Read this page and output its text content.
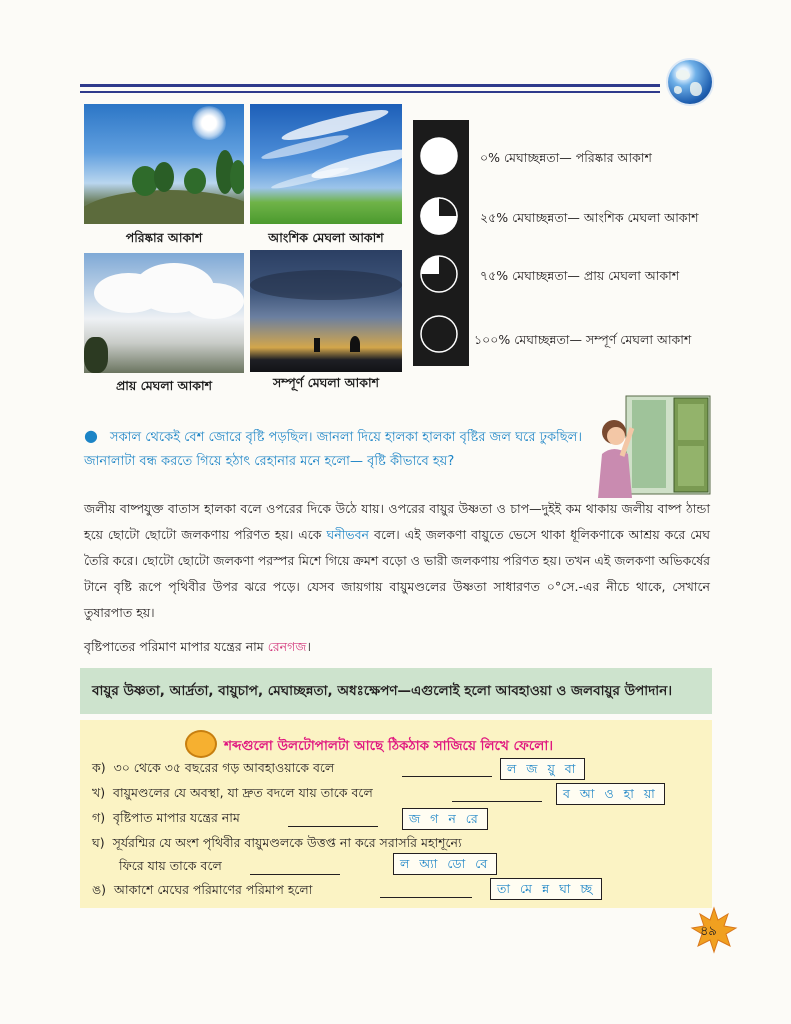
পরিষ্কার আকাশ	আংশিক মেঘলা আকাশ
প্রায় মেঘলা আকাশ	সম্পূর্ণ মেঘলা আকাশ
০% মেঘাচ্ছন্নতা— পরিষ্কার আকাশ
২৫% মেঘাচ্ছন্নতা— আংশিক মেঘলা আকাশ
৭৫% মেঘাচ্ছন্নতা— প্রায় মেঘলা আকাশ
১০০% মেঘাচ্ছন্নতা— সম্পূর্ণ মেঘলা আকাশ
● সকাল থেকেই বেশ জোরে বৃষ্টি পড়ছিল। জানলা দিয়ে হালকা হালকা বৃষ্টির জল ঘরে ঢুকছিল। জানালাটা বন্ধ করতে গিয়ে হঠাৎ রেহানার মনে হলো— বৃষ্টি কীভাবে হয়?
জলীয় বাষ্পযুক্ত বাতাস হালকা বলে ওপরের দিকে উঠে যায়। ওপরের বায়ুর উষ্ণতা ও চাপ—দুইই কম থাকায় জলীয় বাষ্প ঠান্ডা হয়ে ছোটো ছোটো জলকণায় পরিণত হয়। একে ঘনীভবন বলে। এই জলকণা বায়ুতে ভেসে থাকা ধূলিকণাকে আশ্রয় করে মেঘ তৈরি করে। ছোটো ছোটো জলকণা পরস্পর মিশে গিয়ে ক্রমশ বড়ো ও ভারী জলকণায় পরিণত হয়। তখন এই জলকণা অভিকর্ষের টানে বৃষ্টি রূপে পৃথিবীর উপর ঝরে পড়ে। যেসব জায়গায় বায়ুমণ্ডলের উষ্ণতা সাধারণত ০°সে.-এর নীচে থাকে, সেখানে তুষারপাত হয়।
বৃষ্টিপাতের পরিমাণ মাপার যন্ত্রের নাম রেনগজ।
বায়ুর উষ্ণতা, আর্দ্রতা, বায়ুচাপ, মেঘাচ্ছন্নতা, অধঃক্ষেপণ—এগুলোই হলো আবহাওয়া ও জলবায়ুর উপাদান।
শব্দগুলো উলটোপালটা আছে ঠিকঠাক সাজিয়ে লিখে ফেলো।
ক) ৩০ থেকে ৩৫ বছরের গড় আবহাওয়াকে বলে	ল জ য়ু বা
খ) বায়ুমণ্ডলের যে অবস্থা, যা দ্রুত বদলে যায় তাকে বলে	ব আ ও হা য়া
গ) বৃষ্টিপাত মাপার যন্ত্রের নাম	জ গ ন রে
ঘ) সূর্যরশ্মির যে অংশ পৃথিবীর বায়ুমণ্ডলকে উত্তপ্ত না করে সরাসরি মহাশূন্যে
ফিরে যায় তাকে বলে	ল অ্যা ডো বে
ঙ) আকাশে মেঘের পরিমাণের পরিমাপ হলো	তা মে ন্ন ঘা চ্ছ
৪৯
